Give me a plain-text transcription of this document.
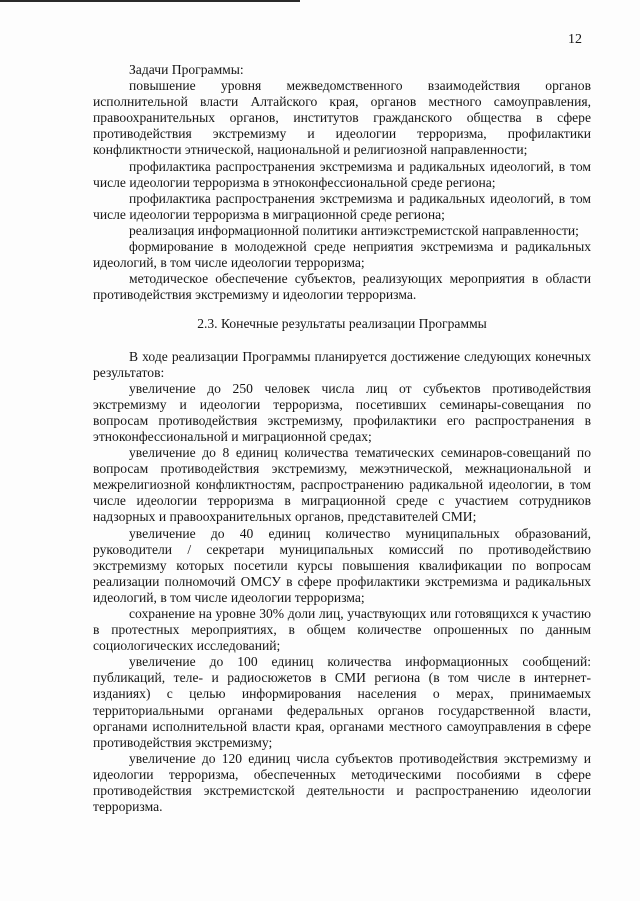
12

Задачи Программы:

повышение уровня межведомственного взаимодействия органов исполнительной власти Алтайского края, органов местного самоуправления, правоохранительных органов, институтов гражданского общества в сфере противодействия экстремизму и идеологии терроризма, профилактики конфликтности этнической, национальной и религиозной направленности;

профилактика распространения экстремизма и радикальных идеологий, в том числе идеологии терроризма в этноконфессиональной среде региона;

профилактика распространения экстремизма и радикальных идеологий, в том числе идеологии терроризма в миграционной среде региона;

реализация информационной политики антиэкстремистской направленности;

формирование в молодежной среде неприятия экстремизма и радикальных идеологий, в том числе идеологии терроризма;

методическое обеспечение субъектов, реализующих мероприятия в области противодействия экстремизму и идеологии терроризма.

2.3. Конечные результаты реализации Программы

В ходе реализации Программы планируется достижение следующих конечных результатов:

увеличение до 250 человек числа лиц от субъектов противодействия экстремизму и идеологии терроризма, посетивших семинары-совещания по вопросам противодействия экстремизму, профилактики его распространения в этноконфессиональной и миграционной средах;

увеличение до 8 единиц количества тематических семинаров-совещаний по вопросам противодействия экстремизму, межэтнической, межнациональной и межрелигиозной конфликтностям, распространению радикальной идеологии, в том числе идеологии терроризма в миграционной среде с участием сотрудников надзорных и правоохранительных органов, представителей СМИ;

увеличение до 40 единиц количество муниципальных образований, руководители / секретари муниципальных комиссий по противодействию экстремизму которых посетили курсы повышения квалификации по вопросам реализации полномочий ОМСУ в сфере профилактики экстремизма и радикальных идеологий, в том числе идеологии терроризма;

сохранение на уровне 30% доли лиц, участвующих или готовящихся к участию в протестных мероприятиях, в общем количестве опрошенных по данным социологических исследований;

увеличение до 100 единиц количества информационных сообщений: публикаций, теле- и радиосюжетов в СМИ региона (в том числе в интернет-изданиях) с целью информирования населения о мерах, принимаемых территориальными органами федеральных органов государственной власти, органами исполнительной власти края, органами местного самоуправления в сфере противодействия экстремизму;

увеличение до 120 единиц числа субъектов противодействия экстремизму и идеологии терроризма, обеспеченных методическими пособиями в сфере противодействия экстремистской деятельности и распространению идеологии терроризма.
